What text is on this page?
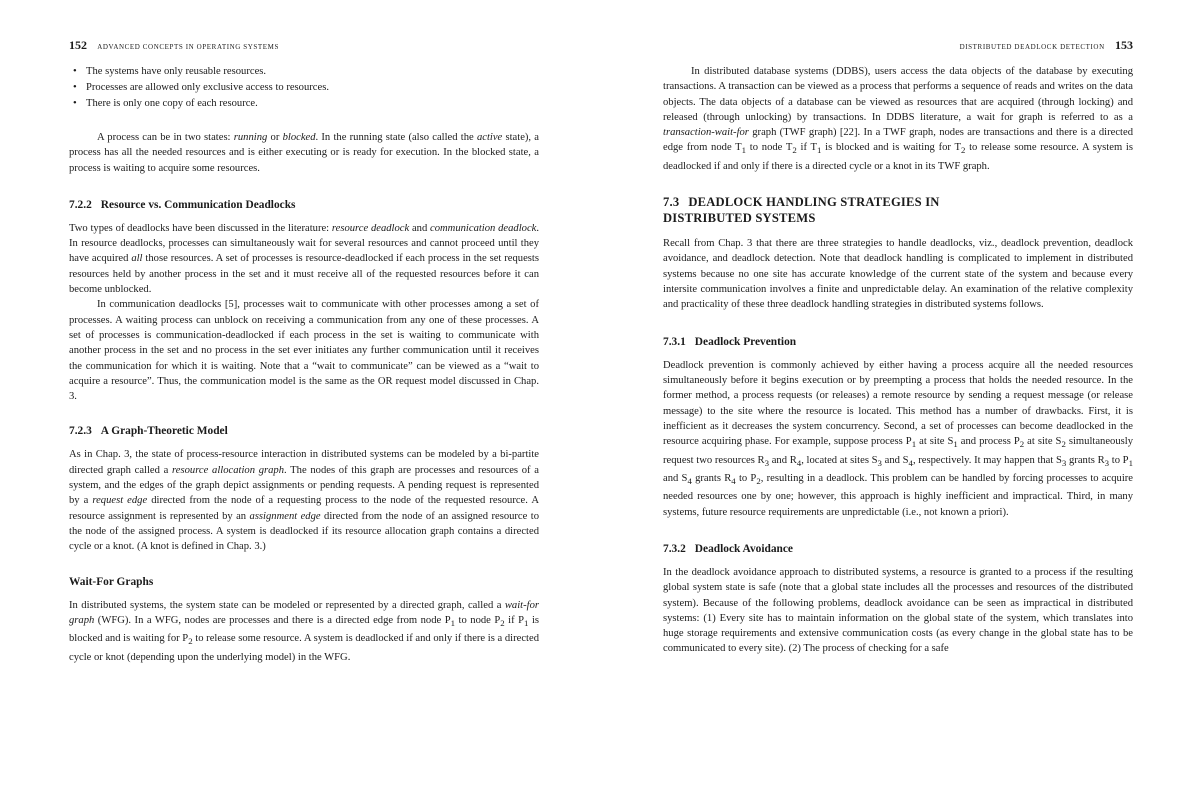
152 ADVANCED CONCEPTS IN OPERATING SYSTEMS
• The systems have only reusable resources.
• Processes are allowed only exclusive access to resources.
• There is only one copy of each resource.

A process can be in two states: running or blocked. In the running state (also called the active state), a process has all the needed resources and is either executing or is ready for execution. In the blocked state, a process is waiting to acquire some resources.

7.2.2 Resource vs. Communication Deadlocks

Two types of deadlocks have been discussed in the literature: resource deadlock and communication deadlock. In resource deadlocks, processes can simultaneously wait for several resources and cannot proceed until they have acquired all those resources. A set of processes is resource-deadlocked if each process in the set requests resources held by another process in the set and it must receive all of the requested resources before it can become unblocked.

In communication deadlocks [5], processes wait to communicate with other processes among a set of processes. A waiting process can unblock on receiving a communication from any one of these processes. A set of processes is communication-deadlocked if each process in the set is waiting to communicate with another process in the set and no process in the set ever initiates any further communication until it receives the communication for which it is waiting. Note that a “wait to communicate” can be viewed as a “wait to acquire a resource”. Thus, the communication model is the same as the OR request model discussed in Chap. 3.

7.2.3 A Graph-Theoretic Model

As in Chap. 3, the state of process-resource interaction in distributed systems can be modeled by a bi-partite directed graph called a resource allocation graph. The nodes of this graph are processes and resources of a system, and the edges of the graph depict assignments or pending requests. A pending request is represented by a request edge directed from the node of a requesting process to the node of the requested resource. A resource assignment is represented by an assignment edge directed from the node of an assigned resource to the node of the assigned process. A system is deadlocked if its resource allocation graph contains a directed cycle or a knot. (A knot is defined in Chap. 3.)

Wait-For Graphs

In distributed systems, the system state can be modeled or represented by a directed graph, called a wait-for graph (WFG). In a WFG, nodes are processes and there is a directed edge from node $P_1$ to node $P_2$ if $P_1$ is blocked and is waiting for $P_2$ to release some resource. A system is deadlocked if and only if there is a directed cycle or knot (depending upon the underlying model) in the WFG.

DISTRIBUTED DEADLOCK DETECTION 153

In distributed database systems (DDBS), users access the data objects of the database by executing transactions. A transaction can be viewed as a process that performs a sequence of reads and writes on the data objects. The data objects of a database can be viewed as resources that are acquired (through locking) and released (through unlocking) by transactions. In DDBS literature, a wait for graph is referred to as a transaction-wait-for graph (TWF graph) [22]. In a TWF graph, nodes are transactions and there is a directed edge from node $T_1$ to node $T_2$ if $T_1$ is blocked and is waiting for $T_2$ to release some resource. A system is deadlocked if and only if there is a directed cycle or a knot in its TWF graph.

7.3 DEADLOCK HANDLING STRATEGIES IN
DISTRIBUTED SYSTEMS

Recall from Chap. 3 that there are three strategies to handle deadlocks, viz., deadlock prevention, deadlock avoidance, and deadlock detection. Note that deadlock handling is complicated to implement in distributed systems because no one site has accurate knowledge of the current state of the system and because every intersite communication involves a finite and unpredictable delay. An examination of the relative complexity and practicality of these three deadlock handling strategies in distributed systems follows.

7.3.1 Deadlock Prevention

Deadlock prevention is commonly achieved by either having a process acquire all the needed resources simultaneously before it begins execution or by preempting a process that holds the needed resource. In the former method, a process requests (or releases) a remote resource by sending a request message (or release message) to the site where the resource is located. This method has a number of drawbacks. First, it is inefficient as it decreases the system concurrency. Second, a set of processes can become deadlocked in the resource acquiring phase. For example, suppose process $P_1$ at site $S_1$ and process $P_2$ at site $S_2$ simultaneously request two resources $R_3$ and $R_4$, located at sites $S_3$ and $S_4$, respectively. It may happen that $S_3$ grants $R_3$ to $P_1$ and $S_4$ grants $R_4$ to $P_2$, resulting in a deadlock. This problem can be handled by forcing processes to acquire needed resources one by one; however, this approach is highly inefficient and impractical. Third, in many systems, future resource requirements are unpredictable (i.e., not known a priori).

7.3.2 Deadlock Avoidance

In the deadlock avoidance approach to distributed systems, a resource is granted to a process if the resulting global system state is safe (note that a global state includes all the processes and resources of the distributed system). Because of the following problems, deadlock avoidance can be seen as impractical in distributed systems: (1) Every site has to maintain information on the global state of the system, which translates into huge storage requirements and extensive communication costs (as every change in the global state has to be communicated to every site). (2) The process of checking for a safe
